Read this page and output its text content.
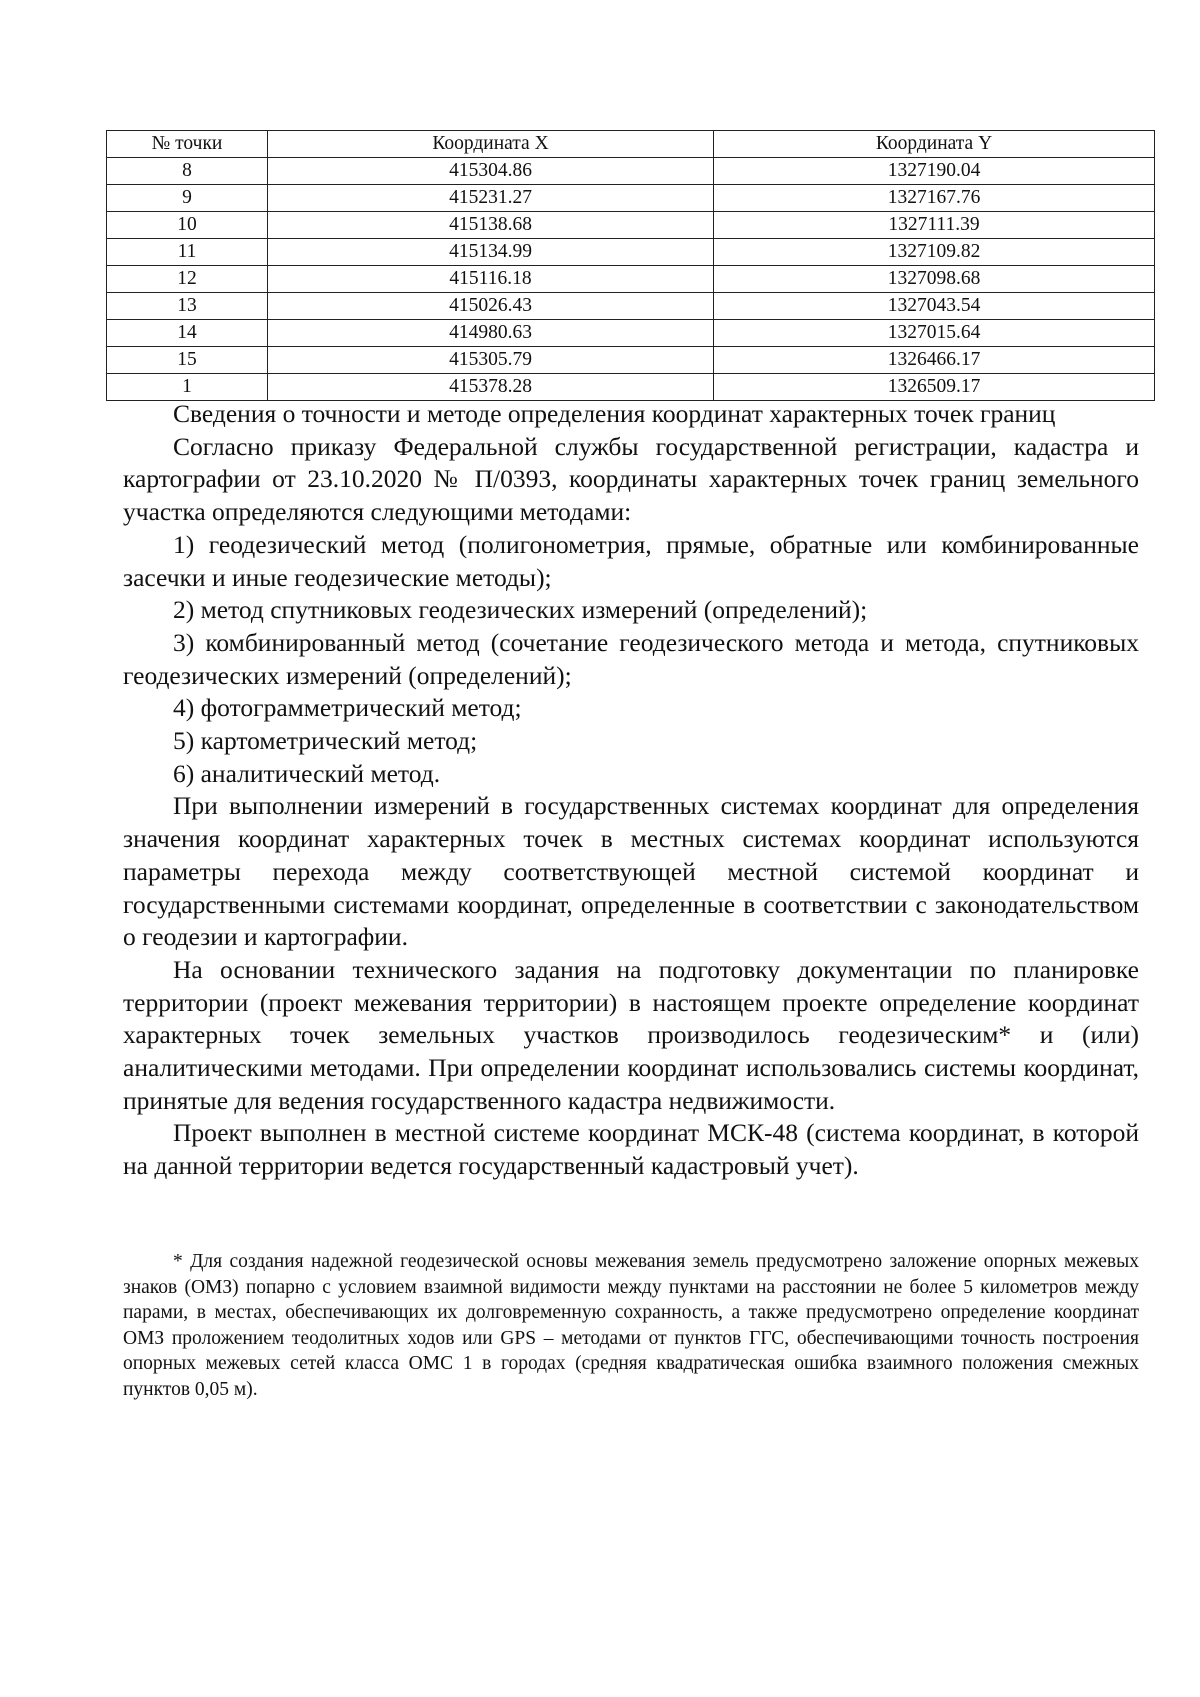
№ точки	Координата X	Координата Y
8	415304.86	1327190.04
9	415231.27	1327167.76
10	415138.68	1327111.39
11	415134.99	1327109.82
12	415116.18	1327098.68
13	415026.43	1327043.54
14	414980.63	1327015.64
15	415305.79	1326466.17
1	415378.28	1326509.17

Сведения о точности и методе определения координат характерных точек границ

Согласно приказу Федеральной службы государственной регистрации, кадастра и картографии от 23.10.2020 № П/0393, координаты характерных точек границ земельного участка определяются следующими методами:

1) геодезический метод (полигонометрия, прямые, обратные или комбинированные засечки и иные геодезические методы);

2) метод спутниковых геодезических измерений (определений);

3) комбинированный метод (сочетание геодезического метода и метода, спутниковых геодезических измерений (определений);

4) фотограмметрический метод;

5) картометрический метод;

6) аналитический метод.

При выполнении измерений в государственных системах координат для определения значения координат характерных точек в местных системах координат используются параметры перехода между соответствующей местной системой координат и государственными системами координат, определенные в соответствии с законодательством о геодезии и картографии.

На основании технического задания на подготовку документации по планировке территории (проект межевания территории) в настоящем проекте определение координат характерных точек земельных участков производилось геодезическим* и (или) аналитическими методами. При определении координат использовались системы координат, принятые для ведения государственного кадастра недвижимости.

Проект выполнен в местной системе координат МСК-48 (система координат, в которой на данной территории ведется государственный кадастровый учет).

* Для создания надежной геодезической основы межевания земель предусмотрено заложение опорных межевых знаков (ОМЗ) попарно с условием взаимной видимости между пунктами на расстоянии не более 5 километров между парами, в местах, обеспечивающих их долговременную сохранность, а также предусмотрено определение координат ОМЗ проложением теодолитных ходов или GPS – методами от пунктов ГГС, обеспечивающими точность построения опорных межевых сетей класса ОМС 1 в городах (средняя квадратическая ошибка взаимного положения смежных пунктов 0,05 м).
